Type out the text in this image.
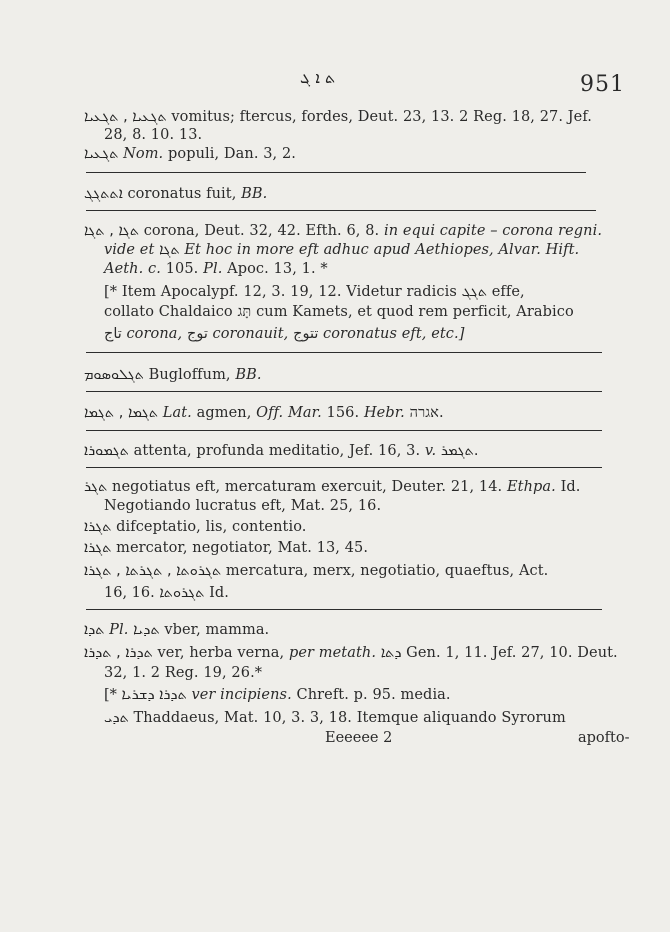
ܬ ܐ ܓ	951
ܬܓܥܝܐ , ܬܓܥܝܐ vomitus; ftercus, fordes, Deut. 23, 13. 2 Reg. 18, 27. Jef.
28, 8. 10. 13.
ܬܓܥܝܐ Nom. populi, Dan. 3, 2.
ܐܬܬܓܓ coronatus fuit, BB.
ܬܓܐ , ܬܓܐ corona, Deut. 32, 42. Efth. 6, 8. in equi capite – corona regni.
vide et ܬܓܐ Et hoc in more eft adhuc apud Aethiopes, Alvar. Hift.
Aeth. c. 105. Pl. Apoc. 13, 1. *
[* Item Apocalypf. 12, 3. 19, 12. Videtur radicis ܬܓܓ effe,
collato Chaldaico תָּג cum Kamets, et quod rem perficit, Arabico
تاج corona, توج coronauit, تتوج coronatus eft, etc.]
ܬܓܠܘܣܘܡ Bugloffum, BB.
ܬܓܡܐ , ܬܓܡܐ Lat. agmen, Off. Mar. 156. Hebr. אגרה.
ܬܓܡܘܪܐ attenta, profunda meditatio, Jef. 16, 3. v. ܬܓܡܪ.
ܬܓܪ negotiatus eft, mercaturam exercuit, Deuter. 21, 14. Ethpa. Id.
Negotiando lucratus eft, Mat. 25, 16.
ܬܓܪܐ difceptatio, lis, contentio.
ܬܓܪܐ mercator, negotiator, Mat. 13, 45.
ܬܓܪܘܬܐ , ܬܓܪܬܐ , ܬܓܪܐ mercatura, merx, negotiatio, quaeftus, Act.
16, 16. ܬܓܪܘܬܐ Id.
ܬܕܐ Pl. ܬܕܝܐ vber, mamma.
ܬܕܪܐ , ܬܕܪܐ ver, herba verna, per metath. ܕܬܐ Gen. 1, 11. Jef. 27, 10. Deut.
32, 1. 2 Reg. 19, 26.*
[* ܬܕܪܐ ܕܫܪܝܐ ver incipiens. Chreft. p. 95. media.
ܬܕܝ Thaddaeus, Mat. 10, 3. 3, 18. Itemque aliquando Syrorum
Eeeeee 2	apofto-
